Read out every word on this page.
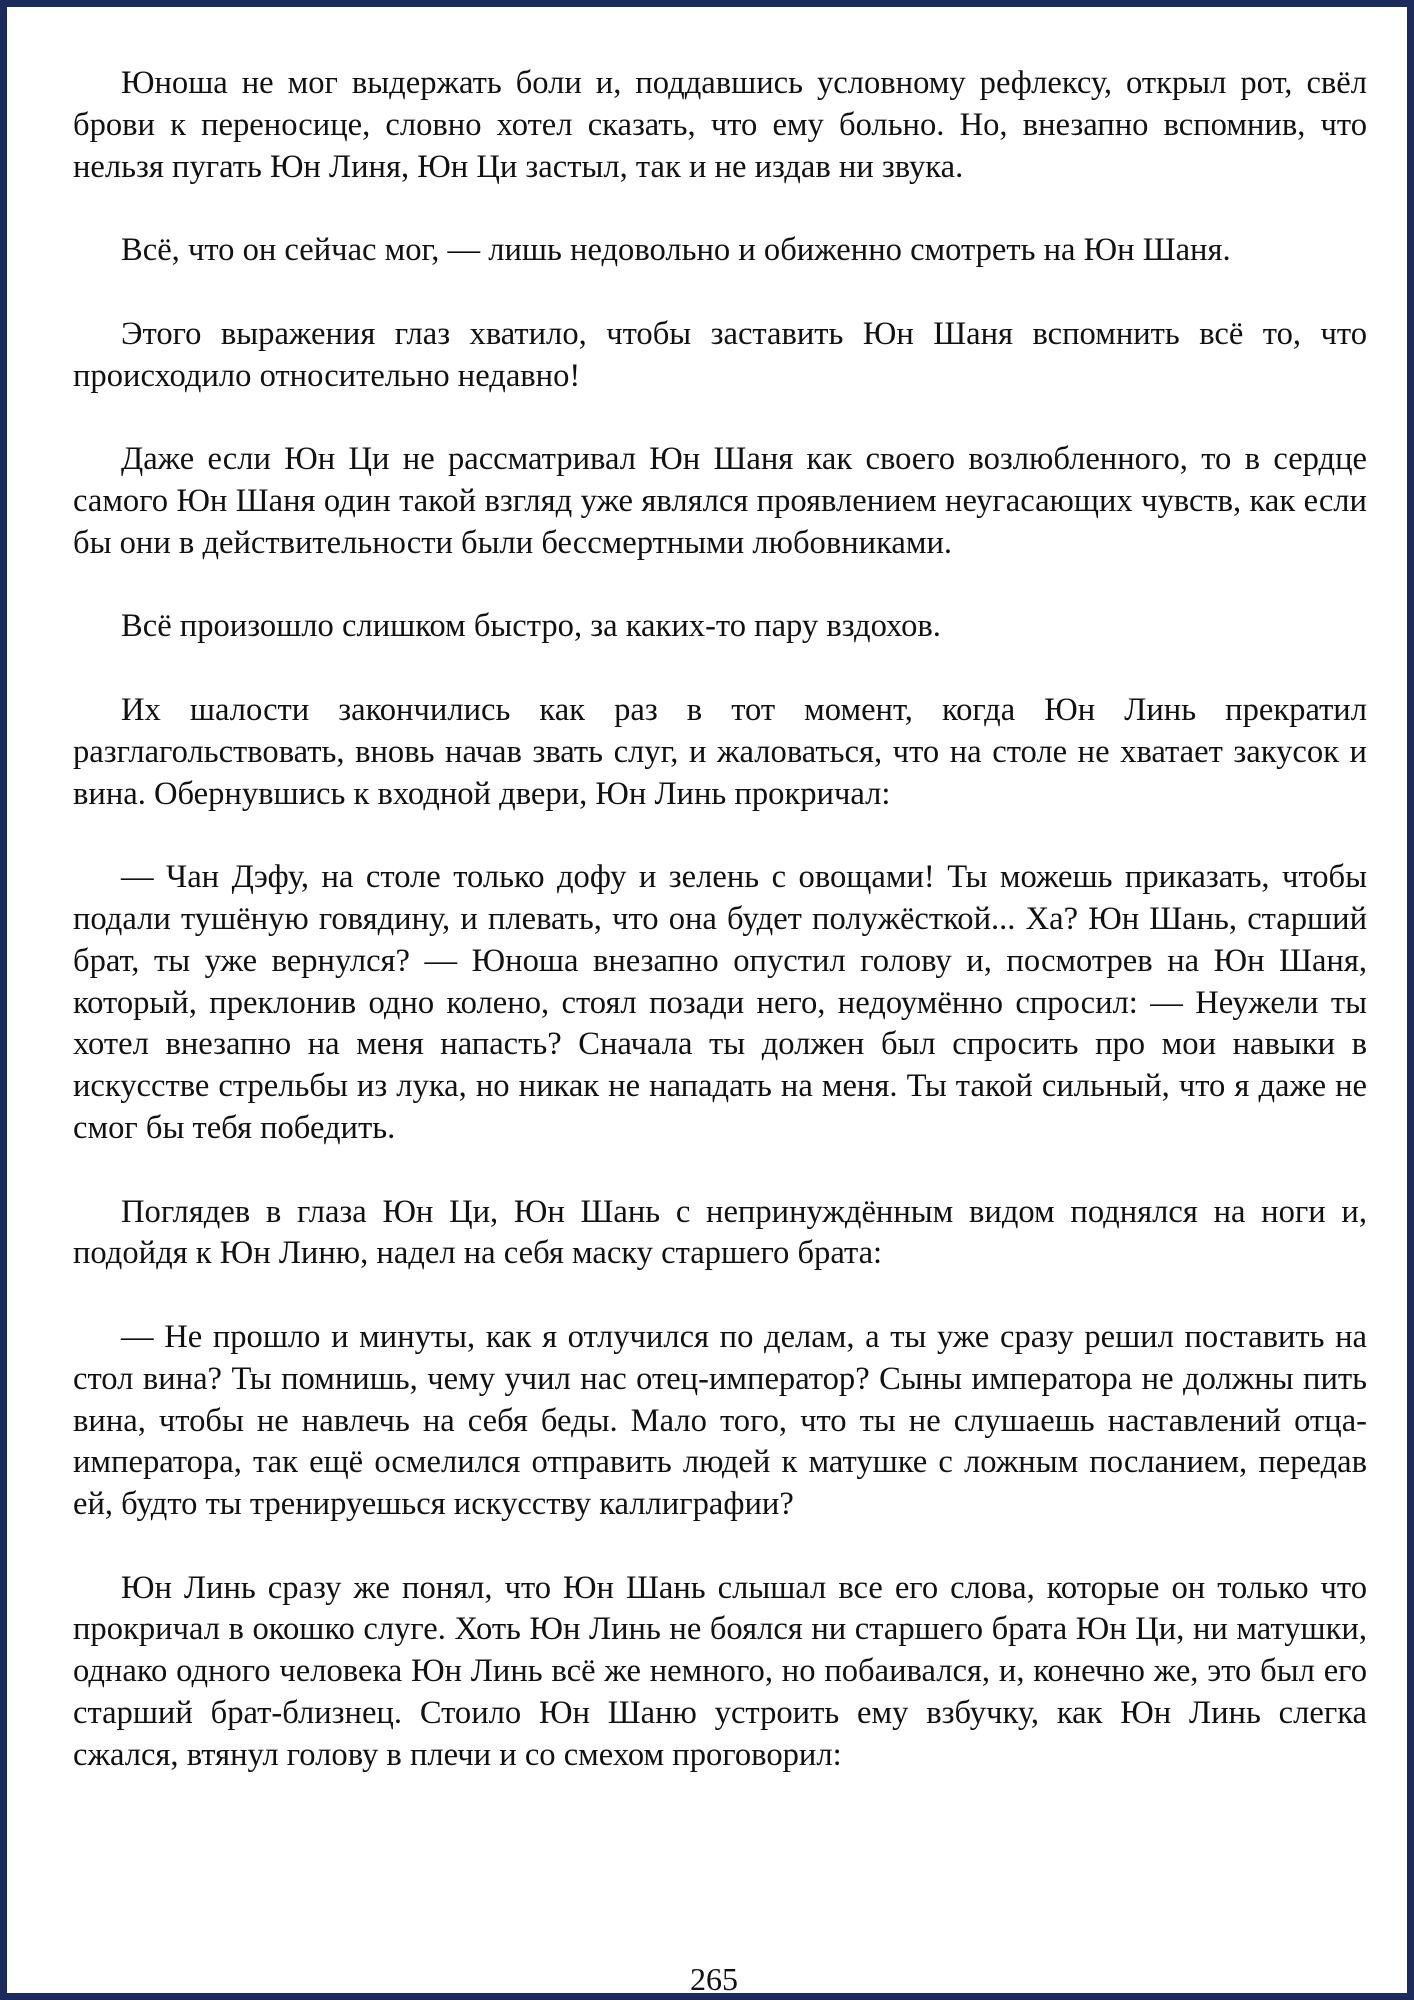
Юноша не мог выдержать боли и, поддавшись условному рефлексу, открыл рот, свёл брови к переносице, словно хотел сказать, что ему больно. Но, внезапно вспомнив, что нельзя пугать Юн Линя, Юн Ци застыл, так и не издав ни звука.

Всё, что он сейчас мог, — лишь недовольно и обиженно смотреть на Юн Шаня.

Этого выражения глаз хватило, чтобы заставить Юн Шаня вспомнить всё то, что происходило относительно недавно!

Даже если Юн Ци не рассматривал Юн Шаня как своего возлюбленного, то в сердце самого Юн Шаня один такой взгляд уже являлся проявлением неугасающих чувств, как если бы они в действительности были бессмертными любовниками.

Всё произошло слишком быстро, за каких-то пару вздохов.

Их шалости закончились как раз в тот момент, когда Юн Линь прекратил разглагольствовать, вновь начав звать слуг, и жаловаться, что на столе не хватает закусок и вина. Обернувшись к входной двери, Юн Линь прокричал:

— Чан Дэфу, на столе только дофу и зелень с овощами! Ты можешь приказать, чтобы подали тушёную говядину, и плевать, что она будет полужёсткой... Ха? Юн Шань, старший брат, ты уже вернулся? — Юноша внезапно опустил голову и, посмотрев на Юн Шаня, который, преклонив одно колено, стоял позади него, недоумённо спросил: — Неужели ты хотел внезапно на меня напасть? Сначала ты должен был спросить про мои навыки в искусстве стрельбы из лука, но никак не нападать на меня. Ты такой сильный, что я даже не смог бы тебя победить.

Поглядев в глаза Юн Ци, Юн Шань с непринуждённым видом поднялся на ноги и, подойдя к Юн Линю, надел на себя маску старшего брата:

— Не прошло и минуты, как я отлучился по делам, а ты уже сразу решил поставить на стол вина? Ты помнишь, чему учил нас отец-император? Сыны императора не должны пить вина, чтобы не навлечь на себя беды. Мало того, что ты не слушаешь наставлений отца-императора, так ещё осмелился отправить людей к матушке с ложным посланием, передав ей, будто ты тренируешься искусству каллиграфии?

Юн Линь сразу же понял, что Юн Шань слышал все его слова, которые он только что прокричал в окошко слуге. Хоть Юн Линь не боялся ни старшего брата Юн Ци, ни матушки, однако одного человека Юн Линь всё же немного, но побаивался, и, конечно же, это был его старший брат-близнец. Стоило Юн Шаню устроить ему взбучку, как Юн Линь слегка сжался, втянул голову в плечи и со смехом проговорил:

265
